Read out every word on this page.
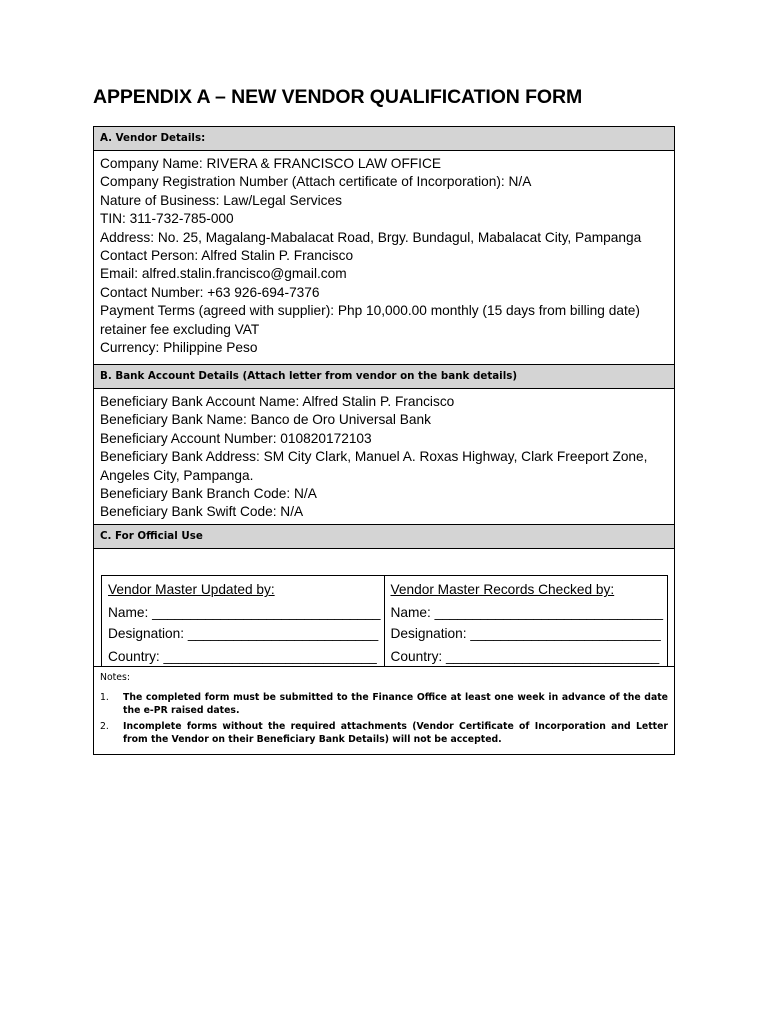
APPENDIX A – NEW VENDOR QUALIFICATION FORM
A. Vendor Details:
Company Name: RIVERA & FRANCISCO LAW OFFICE
Company Registration Number (Attach certificate of Incorporation): N/A
Nature of Business: Law/Legal Services
TIN: 311-732-785-000
Address: No. 25, Magalang-Mabalacat Road, Brgy. Bundagul, Mabalacat City, Pampanga
Contact Person: Alfred Stalin P. Francisco
Email: alfred.stalin.francisco@gmail.com
Contact Number: +63 926-694-7376
Payment Terms (agreed with supplier): Php 10,000.00 monthly (15 days from billing date) retainer fee excluding VAT
Currency: Philippine Peso
B. Bank Account Details (Attach letter from vendor on the bank details)
Beneficiary Bank Account Name: Alfred Stalin P. Francisco
Beneficiary Bank Name: Banco de Oro Universal Bank
Beneficiary Account Number: 010820172103
Beneficiary Bank Address: SM City Clark, Manuel A. Roxas Highway, Clark Freeport Zone, Angeles City, Pampanga.
Beneficiary Bank Branch Code: N/A
Beneficiary Bank Swift Code: N/A
C. For Official Use
Vendor Master Updated by:
Name: ______________________________
Designation: _________________________
Country: ____________________________
Vendor Master Records Checked by:
Name: ______________________________
Designation: _________________________
Country: ____________________________
Notes:
1.	The completed form must be submitted to the Finance Office at least one week in advance of the date the e-PR raised dates.
2.	Incomplete forms without the required attachments (Vendor Certificate of Incorporation and Letter from the Vendor on their Beneficiary Bank Details) will not be accepted.
